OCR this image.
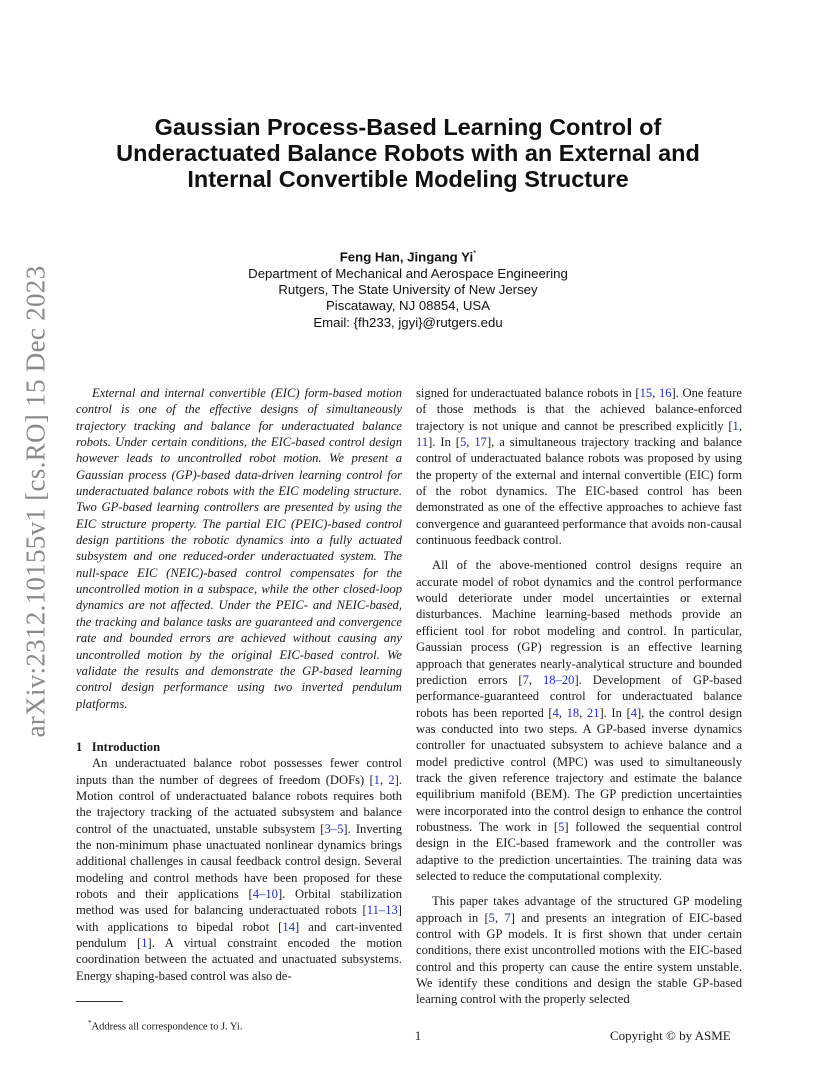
arXiv:2312.10155v1 [cs.RO] 15 Dec 2023
Gaussian Process-Based Learning Control of Underactuated Balance Robots with an External and Internal Convertible Modeling Structure
Feng Han, Jingang Yi*
Department of Mechanical and Aerospace Engineering
Rutgers, The State University of New Jersey
Piscataway, NJ 08854, USA
Email: {fh233, jgyi}@rutgers.edu

External and internal convertible (EIC) form-based motion control is one of the effective designs of simultaneously trajectory tracking and balance for underactuated balance robots. Under certain conditions, the EIC-based control design however leads to uncontrolled robot motion. We present a Gaussian process (GP)-based data-driven learning control for underactuated balance robots with the EIC modeling structure. Two GP-based learning controllers are presented by using the EIC structure property. The partial EIC (PEIC)-based control design partitions the robotic dynamics into a fully actuated subsystem and one reduced-order underactuated system. The null-space EIC (NEIC)-based control compensates for the uncontrolled motion in a subspace, while the other closed-loop dynamics are not affected. Under the PEIC- and NEIC-based, the tracking and balance tasks are guaranteed and convergence rate and bounded errors are achieved without causing any uncontrolled motion by the original EIC-based control. We validate the results and demonstrate the GP-based learning control design performance using two inverted pendulum platforms.

1 Introduction

An underactuated balance robot possesses fewer control inputs than the number of degrees of freedom (DOFs) [1, 2]. Motion control of underactuated balance robots requires both the trajectory tracking of the actuated subsystem and balance control of the unactuated, unstable subsystem [3–5]. Inverting the non-minimum phase unactuated nonlinear dynamics brings additional challenges in causal feedback control design. Several modeling and control methods have been proposed for these robots and their applications [4–10]. Orbital stabilization method was used for balancing underactuated robots [11–13] with applications to bipedal robot [14] and cart-invented pendulum [1]. A virtual constraint encoded the motion coordination between the actuated and unactuated subsystems. Energy shaping-based control was also de-

signed for underactuated balance robots in [15, 16]. One feature of those methods is that the achieved balance-enforced trajectory is not unique and cannot be prescribed explicitly [1, 11]. In [5, 17], a simultaneous trajectory tracking and balance control of underactuated balance robots was proposed by using the property of the external and internal convertible (EIC) form of the robot dynamics. The EIC-based control has been demonstrated as one of the effective approaches to achieve fast convergence and guaranteed performance that avoids non-causal continuous feedback control.

All of the above-mentioned control designs require an accurate model of robot dynamics and the control performance would deteriorate under model uncertainties or external disturbances. Machine learning-based methods provide an efficient tool for robot modeling and control. In particular, Gaussian process (GP) regression is an effective learning approach that generates nearly-analytical structure and bounded prediction errors [7, 18–20]. Development of GP-based performance-guaranteed control for underactuated balance robots has been reported [4, 18, 21]. In [4], the control design was conducted into two steps. A GP-based inverse dynamics controller for unactuated subsystem to achieve balance and a model predictive control (MPC) was used to simultaneously track the given reference trajectory and estimate the balance equilibrium manifold (BEM). The GP prediction uncertainties were incorporated into the control design to enhance the control robustness. The work in [5] followed the sequential control design in the EIC-based framework and the controller was adaptive to the prediction uncertainties. The training data was selected to reduce the computational complexity.

This paper takes advantage of the structured GP modeling approach in [5, 7] and presents an integration of EIC-based control with GP models. It is first shown that under certain conditions, there exist uncontrolled motions with the EIC-based control and this property can cause the entire system unstable. We identify these conditions and design the stable GP-based learning control with the properly selected

*Address all correspondence to J. Yi.
1	Copyright © by ASME
